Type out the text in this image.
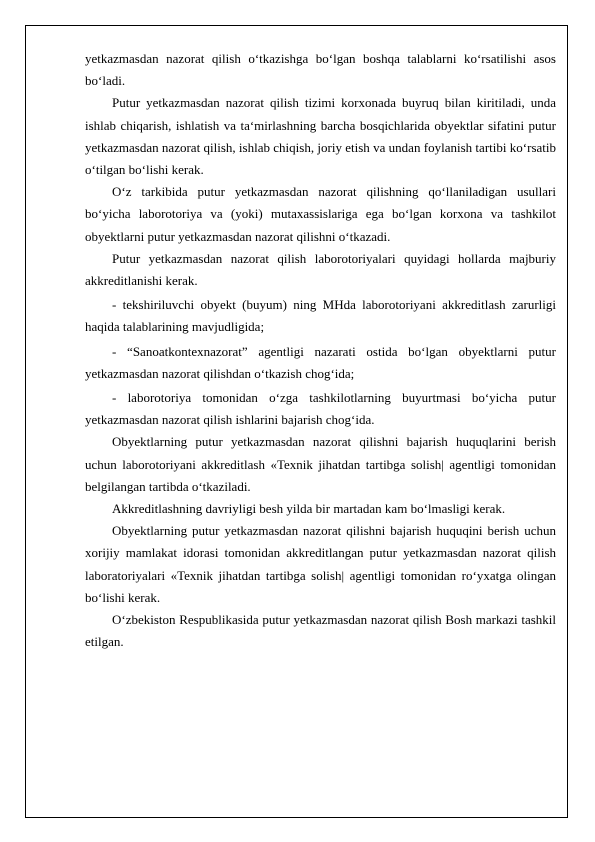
yetkazmasdan nazorat qilish o‘tkazishga bo‘lgan boshqa talablarni ko‘rsatilishi asos bo‘ladi.

Putur yetkazmasdan nazorat qilish tizimi korxonada buyruq bilan kiritiladi, unda ishlab chiqarish, ishlatish va ta‘mirlashning barcha bosqichlarida obyektlar sifatini putur yetkazmasdan nazorat qilish, ishlab chiqish, joriy etish va undan foylanish tartibi ko‘rsatib o‘tilgan bo‘lishi kerak.

O‘z tarkibida putur yetkazmasdan nazorat qilishning qo‘llaniladigan usullari bo‘yicha laborotoriya va (yoki) mutaxassislariga ega bo‘lgan korxona va tashkilot obyektlarni putur yetkazmasdan nazorat qilishni o‘tkazadi.

Putur yetkazmasdan nazorat qilish laborotoriyalari quyidagi hollarda majburiy akkreditlanishi kerak.

- tekshiriluvchi obyekt (buyum) ning MHda laborotoriyani akkreditlash zarurligi haqida talablarining mavjudligida;

- “Sanoatkontexnazorat” agentligi nazarati ostida bo‘lgan obyektlarni putur yetkazmasdan nazorat qilishdan o‘tkazish chog‘ida;

- laborotoriya tomonidan o‘zga tashkilotlarning buyurtmasi bo‘yicha putur yetkazmasdan nazorat qilish ishlarini bajarish chog‘ida.

Obyektlarning putur yetkazmasdan nazorat qilishni bajarish huquqlarini berish uchun laborotoriyani akkreditlash «Texnik jihatdan tartibga solish| agentligi tomonidan belgilangan tartibda o‘tkaziladi.

Akkreditlashning davriyligi besh yilda bir martadan kam bo‘lmasligi kerak.

Obyektlarning putur yetkazmasdan nazorat qilishni bajarish huquqini berish uchun xorijiy mamlakat idorasi tomonidan akkreditlangan putur yetkazmasdan nazorat qilish laboratoriyalari «Texnik jihatdan tartibga solish| agentligi tomonidan ro‘yxatga olingan bo‘lishi kerak.

O‘zbekiston Respublikasida putur yetkazmasdan nazorat qilish Bosh markazi tashkil etilgan.
